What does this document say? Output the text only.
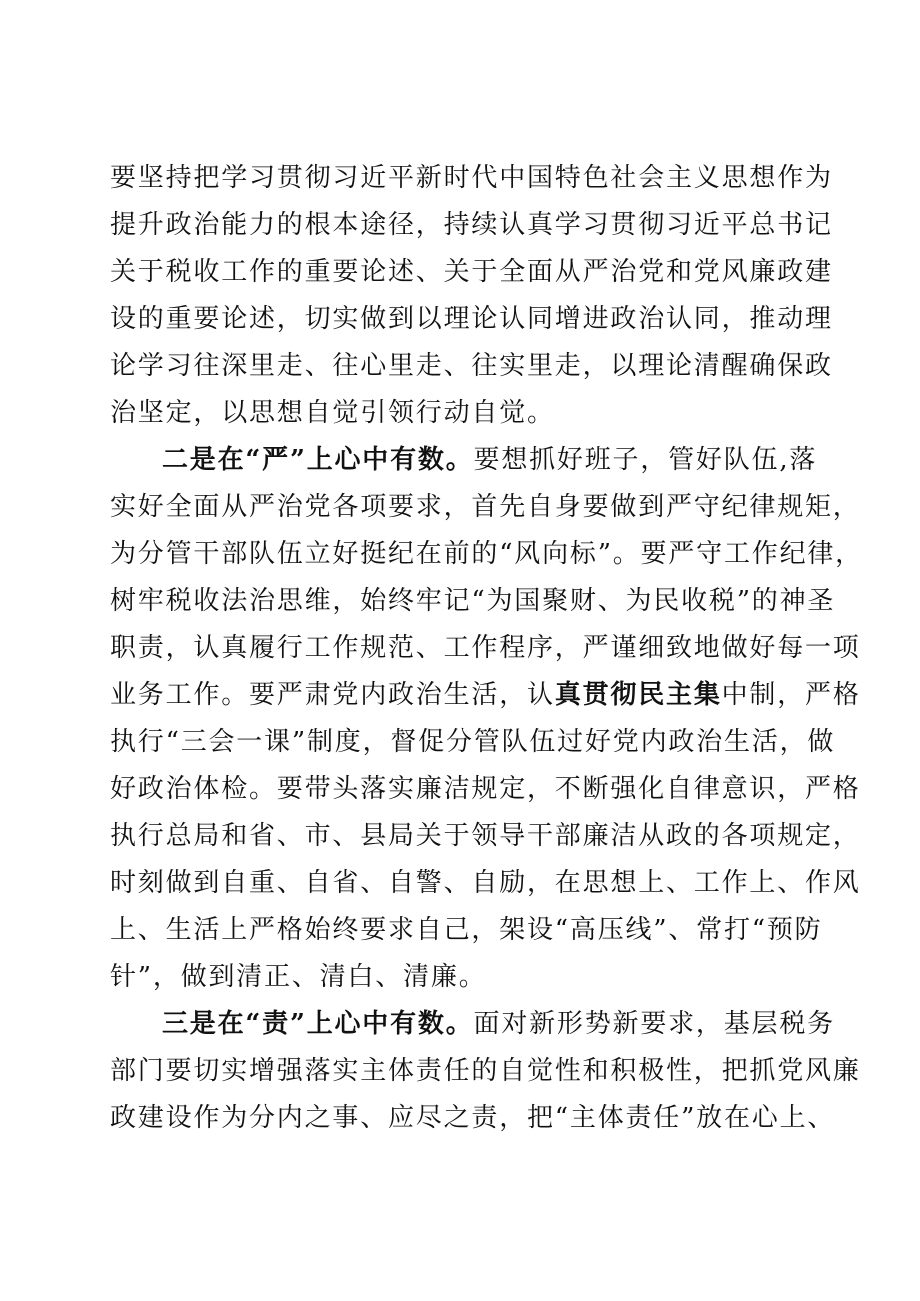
要坚持把学习贯彻习近平新时代中国特色社会主义思想作为
提升政治能力的根本途径，持续认真学习贯彻习近平总书记
关于税收工作的重要论述、关于全面从严治党和党风廉政建
设的重要论述，切实做到以理论认同增进政治认同，推动理
论学习往深里走、往心里走、往实里走，以理论清醒确保政
治坚定，以思想自觉引领行动自觉。
二是在“严”上心中有数。要想抓好班子，管好队伍,落
实好全面从严治党各项要求，首先自身要做到严守纪律规矩，
为分管干部队伍立好挺纪在前的“风向标”。要严守工作纪律，
树牢税收法治思维，始终牢记“为国聚财、为民收税”的神圣
职责，认真履行工作规范、工作程序，严谨细致地做好每一项
业务工作。要严肃党内政治生活，认真贯彻民主集中制，严格
执行“三会一课”制度，督促分管队伍过好党内政治生活，做
好政治体检。要带头落实廉洁规定，不断强化自律意识，严格
执行总局和省、市、县局关于领导干部廉洁从政的各项规定，
时刻做到自重、自省、自警、自励，在思想上、工作上、作风
上、生活上严格始终要求自己，架设“高压线”、常打“预防
针”，做到清正、清白、清廉。
三是在“责”上心中有数。面对新形势新要求，基层税务
部门要切实增强落实主体责任的自觉性和积极性，把抓党风廉
政建设作为分内之事、应尽之责，把“主体责任”放在心上、
